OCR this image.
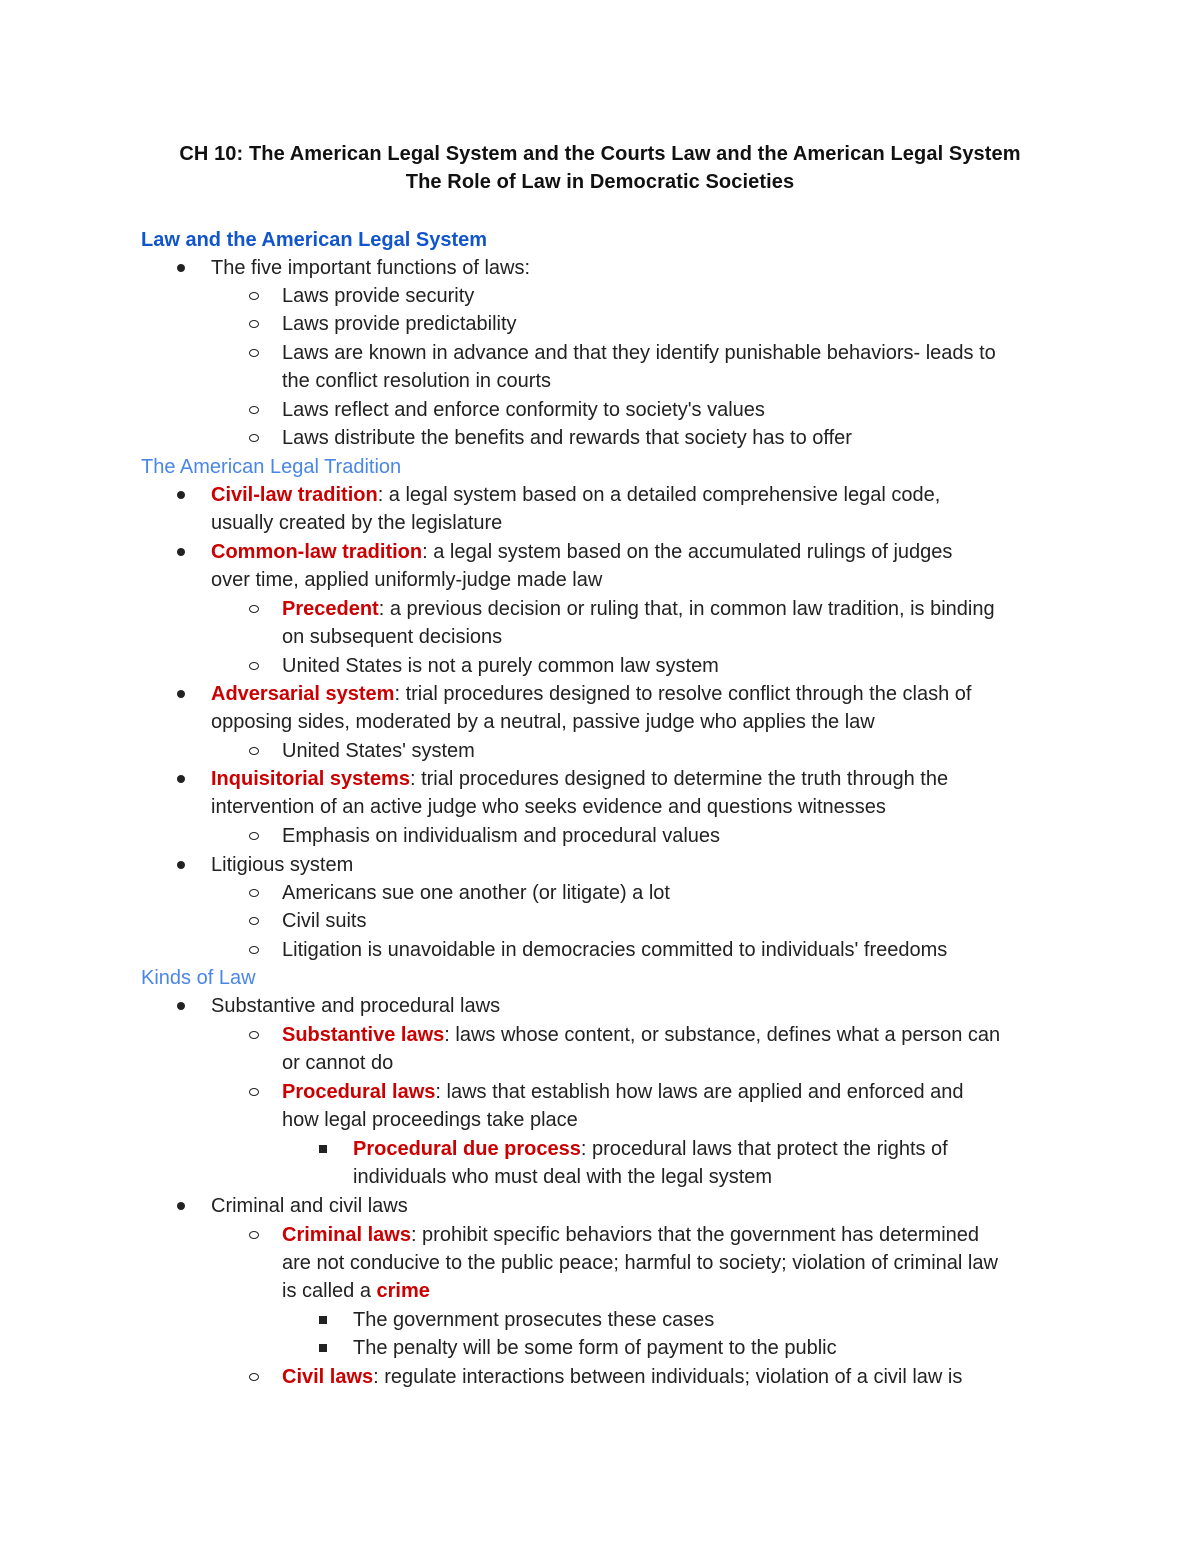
CH 10: The American Legal System and the Courts Law and the American Legal System
The Role of Law in Democratic Societies
Law and the American Legal System
The five important functions of laws:
Laws provide security
Laws provide predictability
Laws are known in advance and that they identify punishable behaviors- leads to
the conflict resolution in courts
Laws reflect and enforce conformity to society's values
Laws distribute the benefits and rewards that society has to offer
The American Legal Tradition
Civil-law tradition: a legal system based on a detailed comprehensive legal code,
usually created by the legislature
Common-law tradition: a legal system based on the accumulated rulings of judges
over time, applied uniformly-judge made law
Precedent: a previous decision or ruling that, in common law tradition, is binding
on subsequent decisions
United States is not a purely common law system
Adversarial system: trial procedures designed to resolve conflict through the clash of
opposing sides, moderated by a neutral, passive judge who applies the law
United States' system
Inquisitorial systems: trial procedures designed to determine the truth through the
intervention of an active judge who seeks evidence and questions witnesses
Emphasis on individualism and procedural values
Litigious system
Americans sue one another (or litigate) a lot
Civil suits
Litigation is unavoidable in democracies committed to individuals' freedoms
Kinds of Law
Substantive and procedural laws
Substantive laws: laws whose content, or substance, defines what a person can
or cannot do
Procedural laws: laws that establish how laws are applied and enforced and
how legal proceedings take place
Procedural due process: procedural laws that protect the rights of
individuals who must deal with the legal system
Criminal and civil laws
Criminal laws: prohibit specific behaviors that the government has determined
are not conducive to the public peace; harmful to society; violation of criminal law
is called a crime
The government prosecutes these cases
The penalty will be some form of payment to the public
Civil laws: regulate interactions between individuals; violation of a civil law is
